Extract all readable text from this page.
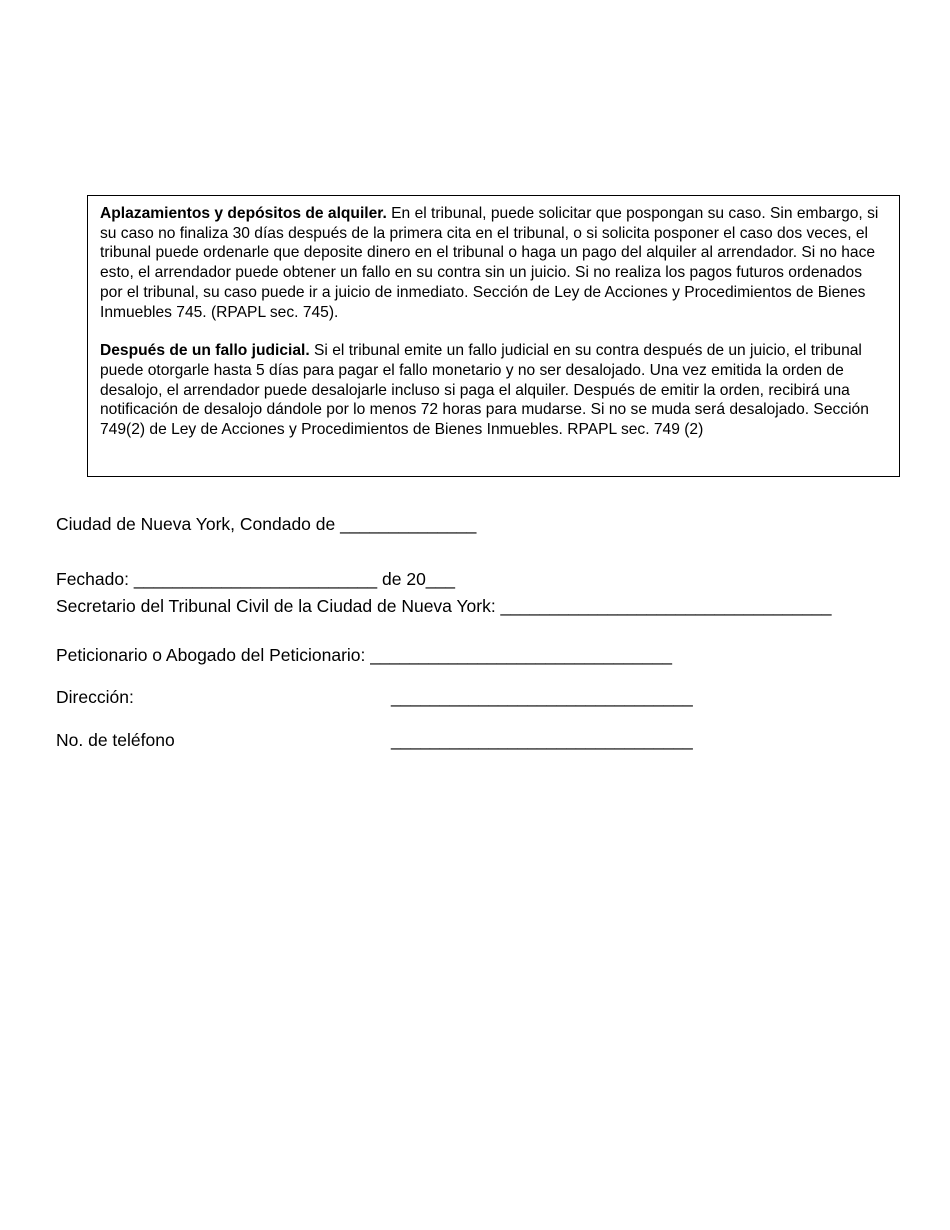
Aplazamientos y depósitos de alquiler. En el tribunal, puede solicitar que pospongan su caso. Sin embargo, si su caso no finaliza 30 días después de la primera cita en el tribunal, o si solicita posponer el caso dos veces, el tribunal puede ordenarle que deposite dinero en el tribunal o haga un pago del alquiler al arrendador. Si no hace esto, el arrendador puede obtener un fallo en su contra sin un juicio. Si no realiza los pagos futuros ordenados por el tribunal, su caso puede ir a juicio de inmediato. Sección de Ley de Acciones y Procedimientos de Bienes Inmuebles 745. (RPAPL sec. 745).

Después de un fallo judicial. Si el tribunal emite un fallo judicial en su contra después de un juicio, el tribunal puede otorgarle hasta 5 días para pagar el fallo monetario y no ser desalojado. Una vez emitida la orden de desalojo, el arrendador puede desalojarle incluso si paga el alquiler. Después de emitir la orden, recibirá una notificación de desalojo dándole por lo menos 72 horas para mudarse. Si no se muda será desalojado. Sección 749(2) de Ley de Acciones y Procedimientos de Bienes Inmuebles. RPAPL sec. 749 (2)

Ciudad de Nueva York, Condado de ______________
Fechado: _________________________ de 20___
Secretario del Tribunal Civil de la Ciudad de Nueva York: __________________________________
Peticionario o Abogado del Peticionario: _______________________________
Dirección:	_______________________________
No. de teléfono	_______________________________
